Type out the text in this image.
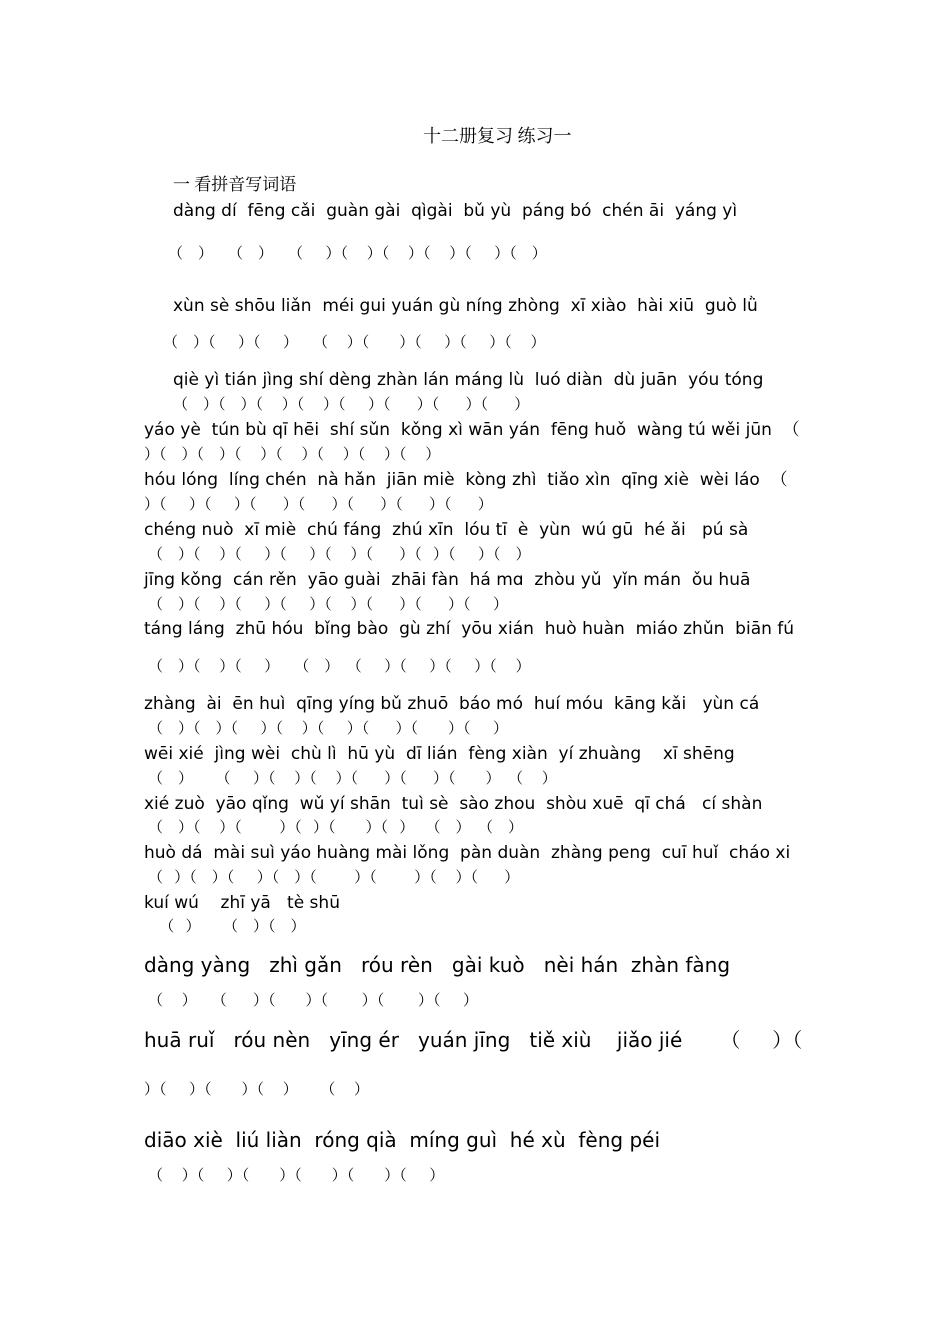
十二册复习 练习一
一 看拼音写词语
dàng dí  fēng cǎi  guàn gài  qìgài  bǔ yù  páng bó  chén āi  yáng yì
（    ）    （    ）    （      ）（     ）（     ）（     ）（      ）（    ）
xùn sè shōu liǎn  méi gui yuán gù níng zhòng  xī xiào  hài xiū  guò lǜ
（    ）（      ）（      ）    （     ）（        ）（      ）（      ）（     ）
qiè yì tián jìng shí dèng zhàn lán máng lù  luó diàn  dù juān  yóu tóng
（    ）（    ）（     ）（     ）（      ）（       ）（       ）（       ）
yáo yè  tún bù qī hēi  shí sǔn  kǒng xì wān yán  fēng huǒ  wàng tú wěi jūn  （
）（    ）（    ）（     ）（     ）（     ）（     ）（     ）
hóu lóng  líng chén  nà hǎn  jiān miè  kòng zhì  tiǎo xìn  qīng xiè  wèi láo  （
）（      ）（      ）（       ）（       ）（       ）（       ）（       ）
chéng nuò  xī miè  chú fáng  zhú xīn  lóu tī  è  yùn  wú gū  hé ǎi   pú sà
（    ）（     ）（      ）（      ）（     ）（       ）（   ）（      ）（    ）
jīng kǒng  cán rěn  yāo guài  zhāi fàn  há mɑ  zhòu yǔ  yǐn mán  ǒu huā
（    ）（     ）（      ）（      ）（     ）（       ）（       ）（      ）
táng láng  zhū hóu  bǐng bào  gù zhí  yōu xián  huò huàn  miáo zhǔn  biān fú
（    ）（     ）（      ）    （    ）  （      ）（      ）（      ）（     ）
zhàng  ài  ēn huì  qīng yíng bǔ zhuō  báo mó  huí móu  kāng kǎi   yùn cá
（    ）（    ）（      ）（     ）（      ）（       ）（        ）（      ）
wēi xié  jìng wèi  chù lì  hū yù  dī lián  fèng xiàn  yí zhuàng    xī shēng
（    ）      （      ）（     ）（     ）（       ）（       ）（        ）  （     ）
xié zuò  yāo qǐng  wǔ yí shān  tuì sè  sào zhou  shòu xuē  qī chá   cí shàn
（    ）（     ）（          ）（   ）（        ）（   ）   （    ）  （    ）
huò dá  mài suì yáo huàng mài lǒng  pàn duàn  zhàng peng  cuī huǐ  cháo xi
（   ）（    ）（      ）（    ）（          ）（          ）（     ）（       ）
kuí wú    zhī yā   tè shū
（   ）      （    ）（    ）
dàng yàng   zhì gǎn   róu rèn   gài kuò   nèi hán  zhàn fàng
（     ）    （       ）（        ）（         ）（         ）（      ）
huā ruǐ   róu nèn   yīng ér   yuán jīng   tiě xiù    jiǎo jié      （     ）（
）（      ）（        ）（     ）      （     ）
diāo xiè  liú liàn  róng qià  míng guì  hé xù  fèng péi
（     ）（      ）（        ）（        ）（        ）（      ）
